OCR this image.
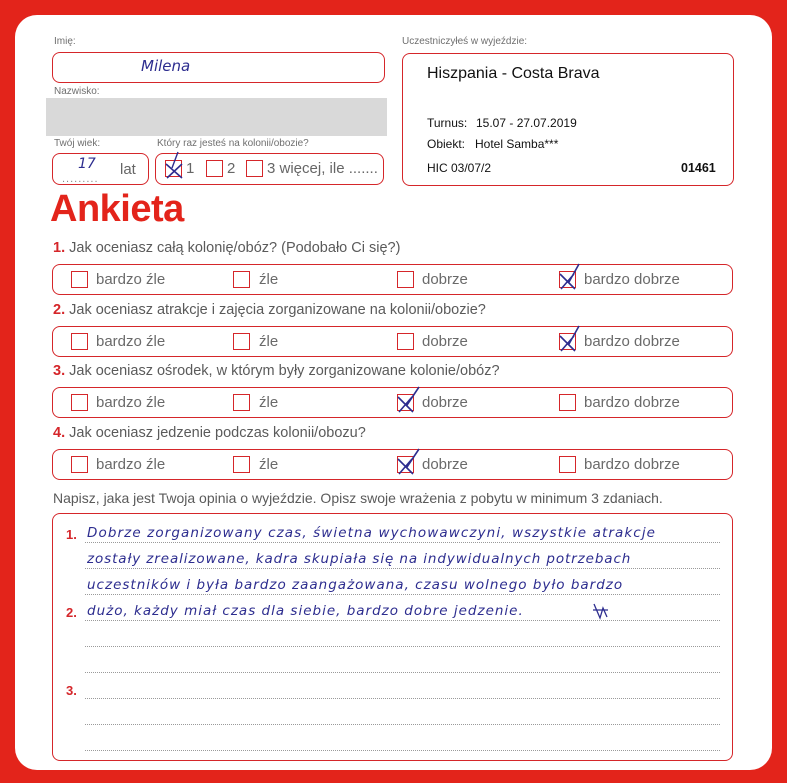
Imię:
Milena
Nazwisko:
Twój wiek:
.........
17 lat
Który raz jesteś na kolonii/obozie?
1 2 3 więcej, ile .......
Uczestniczyłeś w wyjeździe:
Hiszpania - Costa Brava
Turnus: 15.07 - 27.07.2019
Obiekt: Hotel Samba***
HIC 03/07/2	01461
Ankieta
1. Jak oceniasz całą kolonię/obóz? (Podobało Ci się?)
bardzo źle	źle	dobrze	bardzo dobrze
2. Jak oceniasz atrakcje i zajęcia zorganizowane na kolonii/obozie?
bardzo źle	źle	dobrze	bardzo dobrze
3. Jak oceniasz ośrodek, w którym były zorganizowane kolonie/obóz?
bardzo źle	źle	dobrze	bardzo dobrze
4. Jak oceniasz jedzenie podczas kolonii/obozu?
bardzo źle	źle	dobrze	bardzo dobrze
Napisz, jaka jest Twoja opinia o wyjeździe. Opisz swoje wrażenia z pobytu w minimum 3 zdaniach.
1.
2.
3.
Dobrze zorganizowany czas, świetna wychowawczyni, wszystkie atrakcje
zostały zrealizowane, kadra skupiała się na indywidualnych potrzebach
uczestników i była bardzo zaangażowana, czasu wolnego było bardzo
dużo, każdy miał czas dla siebie, bardzo dobre jedzenie.
